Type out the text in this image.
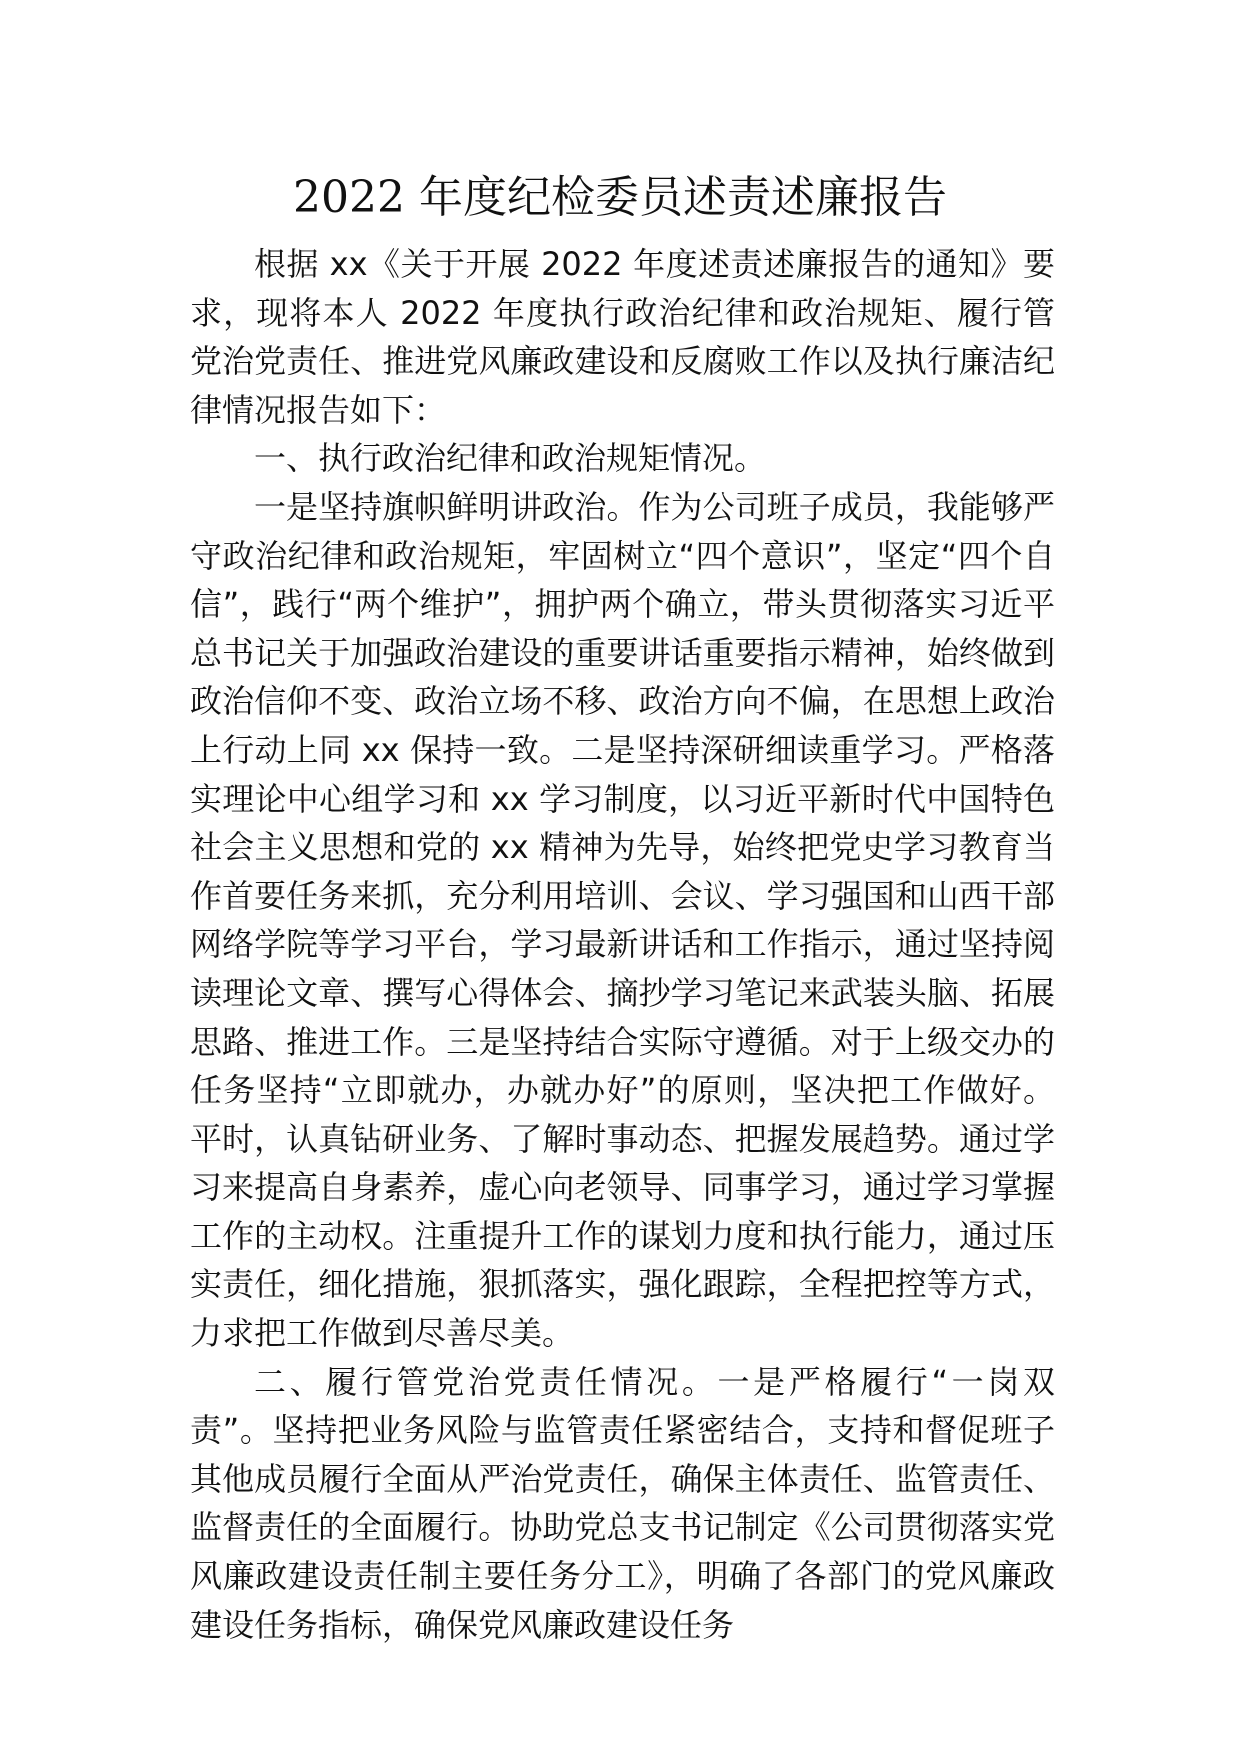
2022 年度纪检委员述责述廉报告

根据 xx《关于开展 2022 年度述责述廉报告的通知》要求，现将本人 2022 年度执行政治纪律和政治规矩、履行管党治党责任、推进党风廉政建设和反腐败工作以及执行廉洁纪律情况报告如下：

一、执行政治纪律和政治规矩情况。

一是坚持旗帜鲜明讲政治。作为公司班子成员，我能够严守政治纪律和政治规矩，牢固树立“四个意识”，坚定“四个自信”，践行“两个维护”，拥护两个确立，带头贯彻落实习近平总书记关于加强政治建设的重要讲话重要指示精神，始终做到政治信仰不变、政治立场不移、政治方向不偏，在思想上政治上行动上同 xx 保持一致。二是坚持深研细读重学习。严格落实理论中心组学习和 xx 学习制度，以习近平新时代中国特色社会主义思想和党的 xx 精神为先导，始终把党史学习教育当作首要任务来抓，充分利用培训、会议、学习强国和山西干部网络学院等学习平台，学习最新讲话和工作指示，通过坚持阅读理论文章、撰写心得体会、摘抄学习笔记来武装头脑、拓展思路、推进工作。三是坚持结合实际守遵循。对于上级交办的任务坚持“立即就办，办就办好”的原则，坚决把工作做好。平时，认真钻研业务、了解时事动态、把握发展趋势。通过学习来提高自身素养，虚心向老领导、同事学习，通过学习掌握工作的主动权。注重提升工作的谋划力度和执行能力，通过压实责任，细化措施，狠抓落实，强化跟踪，全程把控等方式，力求把工作做到尽善尽美。

二、履行管党治党责任情况。一是严格履行“一岗双责”。坚持把业务风险与监管责任紧密结合，支持和督促班子其他成员履行全面从严治党责任，确保主体责任、监管责任、监督责任的全面履行。协助党总支书记制定《公司贯彻落实党风廉政建设责任制主要任务分工》，明确了各部门的党风廉政建设任务指标，确保党风廉政建设任务
